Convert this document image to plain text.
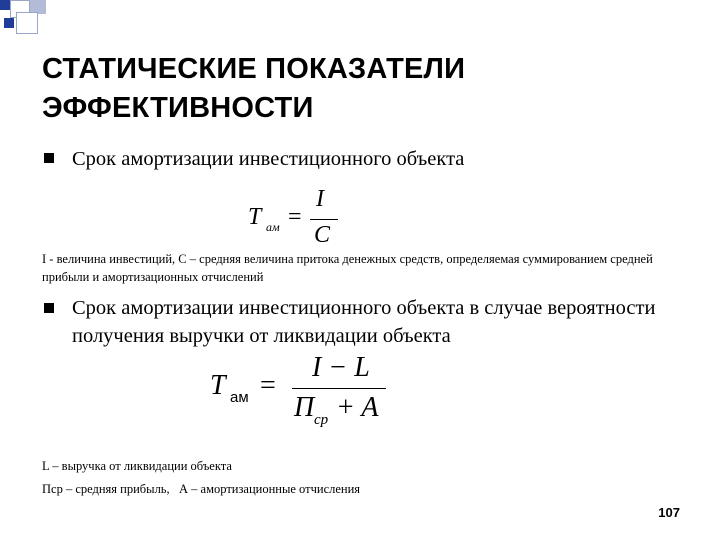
СТАТИЧЕСКИЕ ПОКАЗАТЕЛИ ЭФФЕКТИВНОСТИ
Срок амортизации инвестиционного объекта
T ам =
I
C
I - величина инвестиций, С – средняя величина притока денежных средств, определяемая суммированием средней прибыли и амортизационных отчислений
Срок амортизации инвестиционного объекта в случае вероятности получения выручки от ликвидации объекта
T ам =
I − L
П ср + A
L – выручка от ликвидации объекта
Пср – средняя прибыль,   А – амортизационные отчисления
107
